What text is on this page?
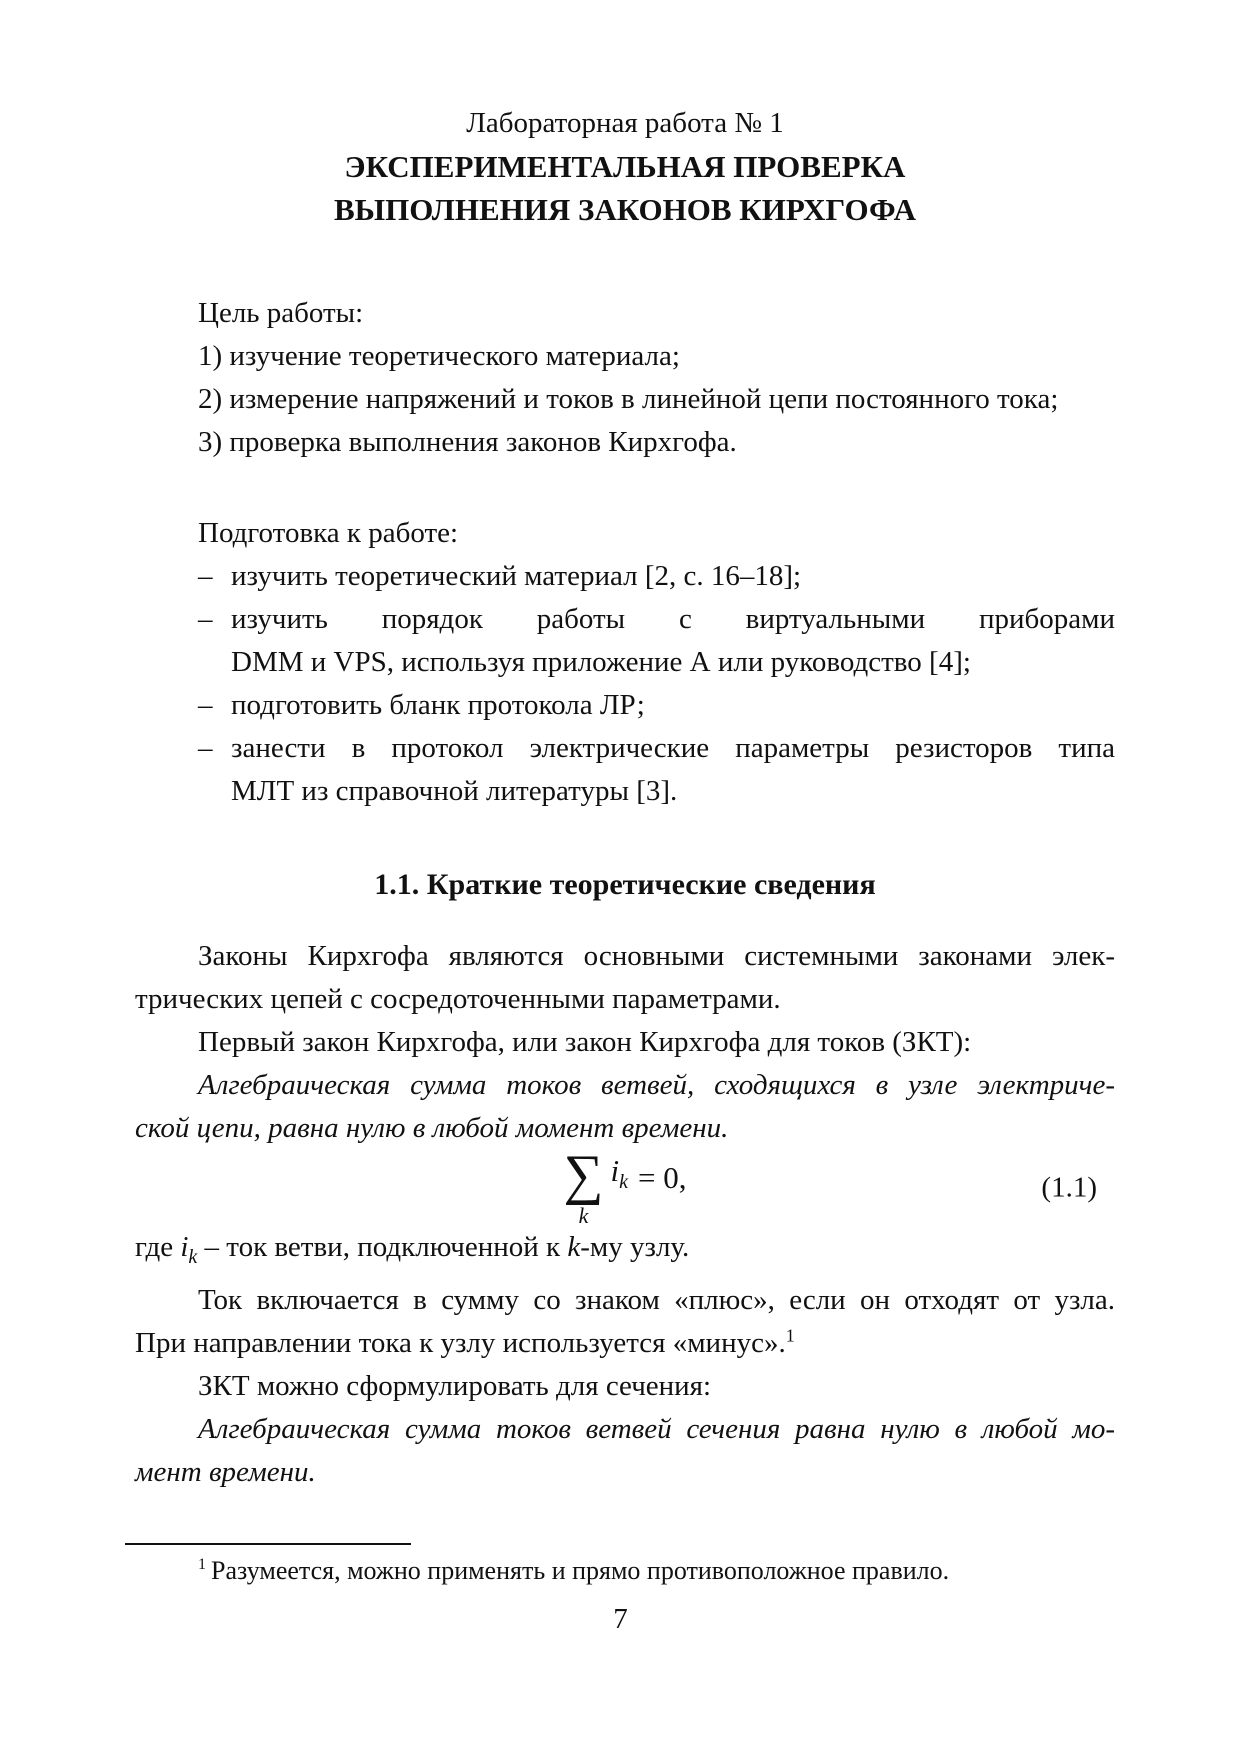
Лабораторная работа № 1
ЭКСПЕРИМЕНТАЛЬНАЯ ПРОВЕРКА
ВЫПОЛНЕНИЯ ЗАКОНОВ КИРХГОФА
Цель работы:
1) изучение теоретического материала;
2) измерение напряжений и токов в линейной цепи постоянного тока;
3) проверка выполнения законов Кирхгофа.
Подготовка к работе:
– изучить теоретический материал [2, с. 16–18];
– изучить порядок работы с виртуальными приборами
DMM и VPS, используя приложение А или руководство [4];
– подготовить бланк протокола ЛР;
– занести в протокол электрические параметры резисторов типа
МЛТ из справочной литературы [3].
1.1. Краткие теоретические сведения
Законы Кирхгофа являются основными системными законами элек-
трических цепей с сосредоточенными параметрами.
Первый закон Кирхгофа, или закон Кирхгофа для токов (ЗКТ):
Алгебраическая сумма токов ветвей, сходящихся в узле электриче-
ской цепи, равна нулю в любой момент времени.
∑
k
$i_k = 0$,	(1.1)
где $i_k$ – ток ветви, подключенной к k-му узлу.
Ток включается в сумму со знаком «плюс», если он отходят от узла.
При направлении тока к узлу используется «минус».$^1$
ЗКТ можно сформулировать для сечения:
Алгебраическая сумма токов ветвей сечения равна нулю в любой мо-
мент времени.
$^1$ Разумеется, можно применять и прямо противоположное правило.
7
